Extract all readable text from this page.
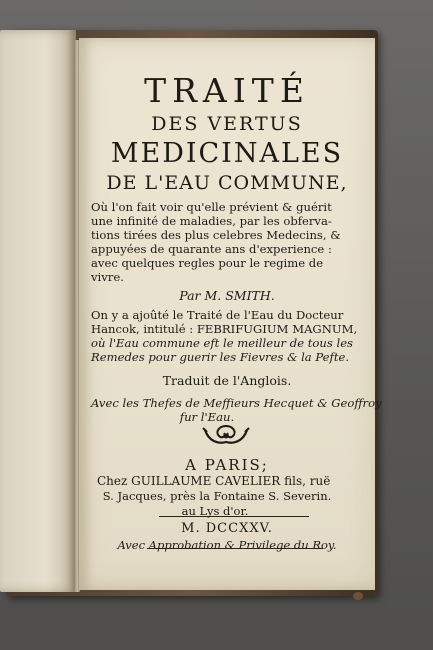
TRAITÉ
DES VERTUS
MEDICINALES
DE L'EAU COMMUNE,
Où l'on fait voir qu'elle prévient & guérit
une infinité de maladies, par les obferva-
tions tirées des plus celebres Medecins, &
appuyées de quarante ans d'experience :
avec quelques regles pour le regime de
vivre.
Par M. SMITH.
On y a ajoûté le Traité de l'Eau du Docteur
Hancok, intitulé : FEBRIFUGIUM MAGNUM,
où l'Eau commune eft le meilleur de tous les
Remedes pour guerir les Fievres & la Pefte.
Traduit de l'Anglois.
Avec les Thefes de Meffieurs Hecquet & Geoffroy
fur l'Eau.
A PARIS;
Chez GUILLAUME CAVELIER fils, ruë
S. Jacques, près la Fontaine S. Severin.
au Lys d'or.
M. DCCXXV.
Avec Approbation & Privilege du Roy.
